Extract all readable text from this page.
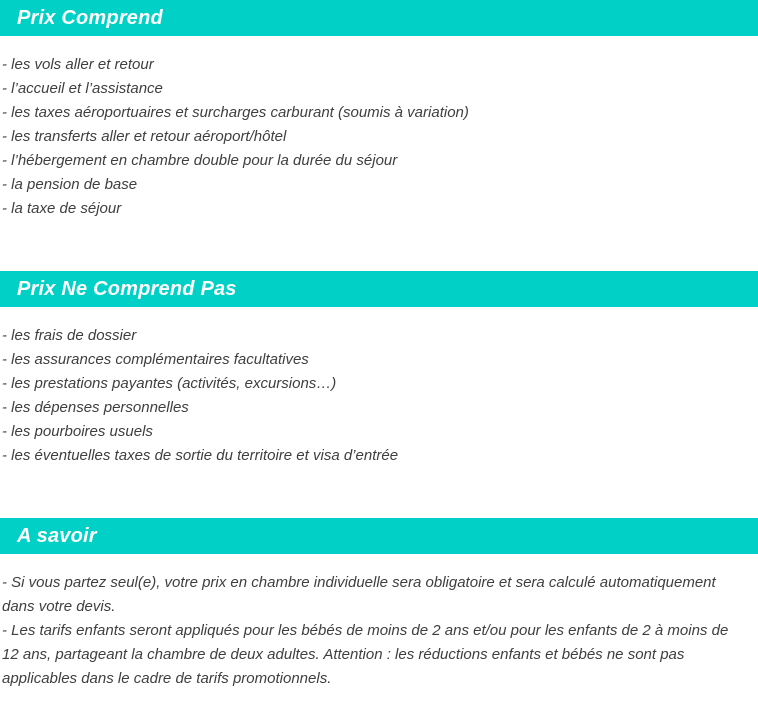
Prix Comprend

- les vols aller et retour

- l’accueil et l’assistance

- les taxes aéroportuaires et surcharges carburant (soumis à variation)

- les transferts aller et retour aéroport/hôtel

- l’hébergement en chambre double pour la durée du séjour

- la pension de base

- la taxe de séjour

Prix Ne Comprend Pas

- les frais de dossier

- les assurances complémentaires facultatives

- les prestations payantes (activités, excursions…)

- les dépenses personnelles

- les pourboires usuels

- les éventuelles taxes de sortie du territoire et visa d’entrée

A savoir

- Si vous partez seul(e), votre prix en chambre individuelle sera obligatoire et sera calculé automatiquement dans votre devis.

- Les tarifs enfants seront appliqués pour les bébés de moins de 2 ans et/ou pour les enfants de 2 à moins de 12 ans, partageant la chambre de deux adultes. Attention : les réductions enfants et bébés ne sont pas applicables dans le cadre de tarifs promotionnels.
